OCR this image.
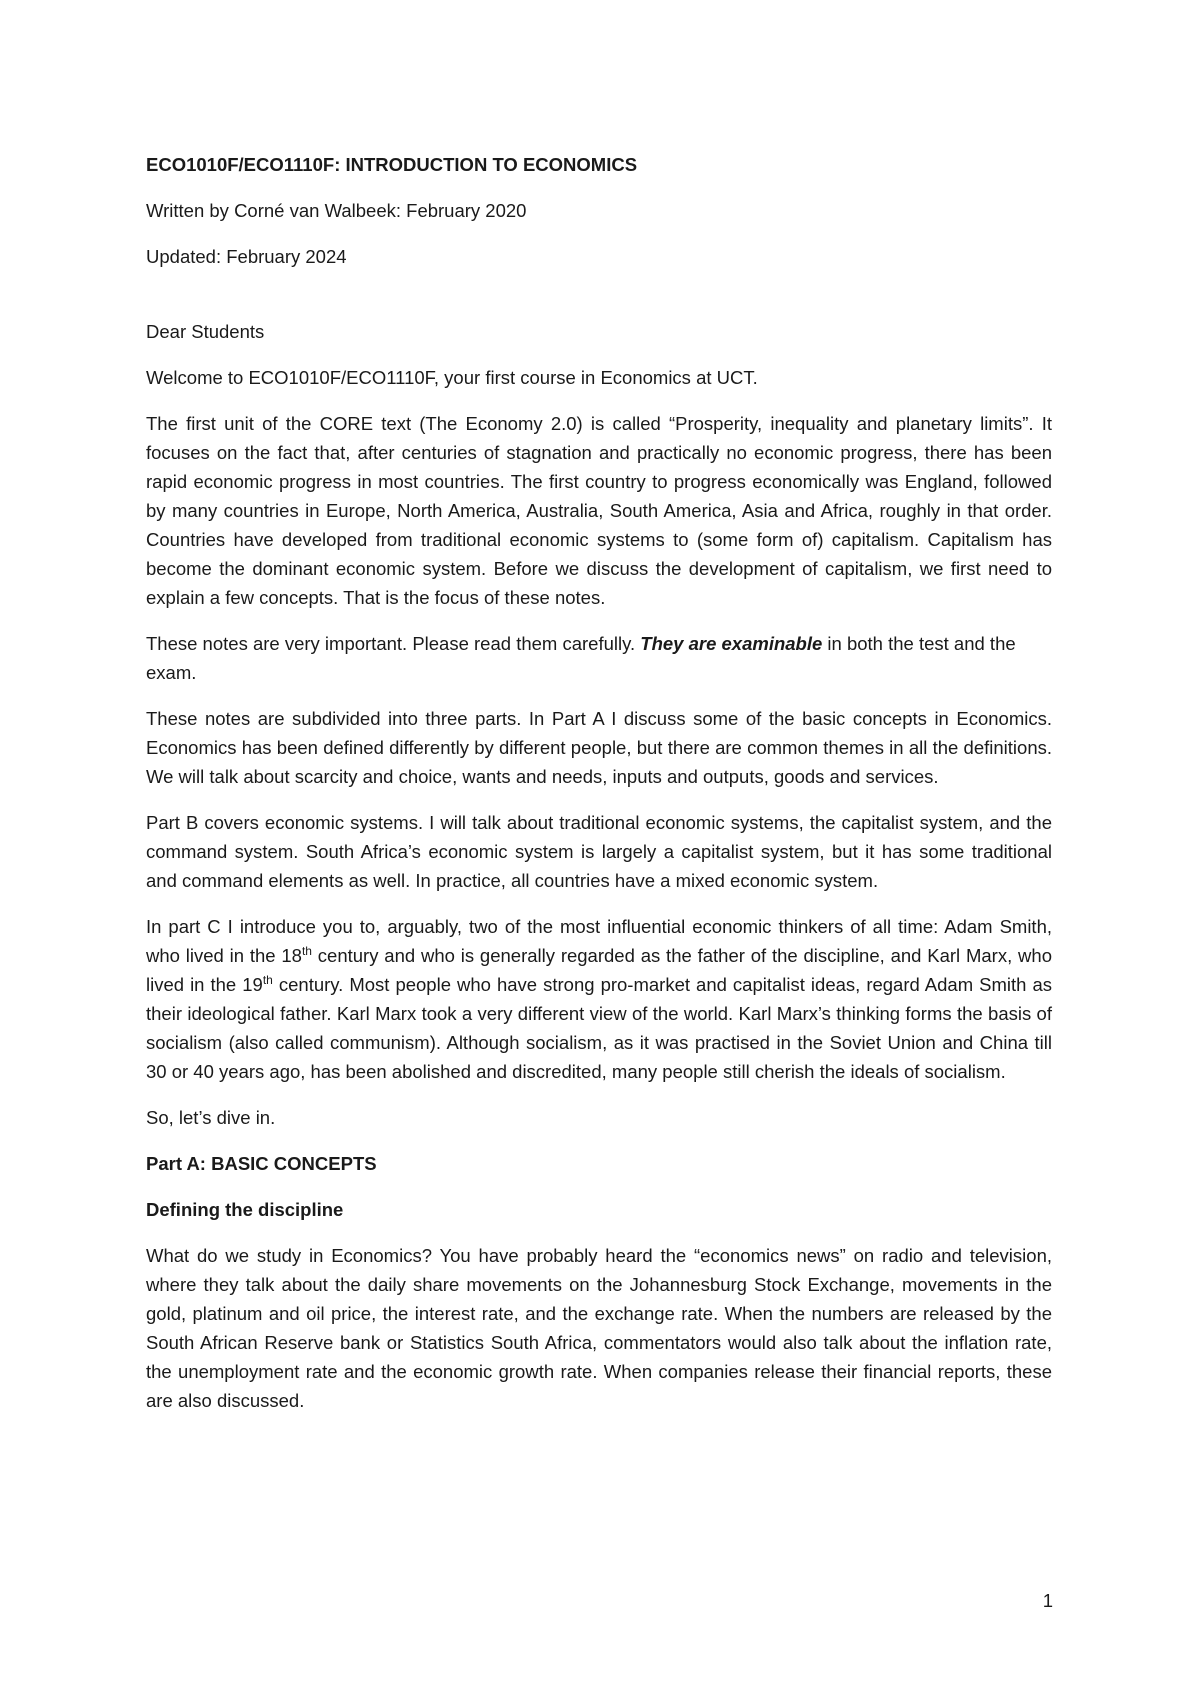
ECO1010F/ECO1110F: INTRODUCTION TO ECONOMICS

Written by Corné van Walbeek: February 2020

Updated: February 2024

Dear Students

Welcome to ECO1010F/ECO1110F, your first course in Economics at UCT.

The first unit of the CORE text (The Economy 2.0) is called “Prosperity, inequality and planetary limits”. It focuses on the fact that, after centuries of stagnation and practically no economic progress, there has been rapid economic progress in most countries. The first country to progress economically was England, followed by many countries in Europe, North America, Australia, South America, Asia and Africa, roughly in that order. Countries have developed from traditional economic systems to (some form of) capitalism. Capitalism has become the dominant economic system. Before we discuss the development of capitalism, we first need to explain a few concepts. That is the focus of these notes.

These notes are very important. Please read them carefully. They are examinable in both the test and the exam.

These notes are subdivided into three parts. In Part A I discuss some of the basic concepts in Economics. Economics has been defined differently by different people, but there are common themes in all the definitions. We will talk about scarcity and choice, wants and needs, inputs and outputs, goods and services.

Part B covers economic systems. I will talk about traditional economic systems, the capitalist system, and the command system. South Africa’s economic system is largely a capitalist system, but it has some traditional and command elements as well. In practice, all countries have a mixed economic system.

In part C I introduce you to, arguably, two of the most influential economic thinkers of all time: Adam Smith, who lived in the 18th century and who is generally regarded as the father of the discipline, and Karl Marx, who lived in the 19th century. Most people who have strong pro-market and capitalist ideas, regard Adam Smith as their ideological father. Karl Marx took a very different view of the world. Karl Marx’s thinking forms the basis of socialism (also called communism). Although socialism, as it was practised in the Soviet Union and China till 30 or 40 years ago, has been abolished and discredited, many people still cherish the ideals of socialism.

So, let’s dive in.

Part A: BASIC CONCEPTS

Defining the discipline

What do we study in Economics? You have probably heard the “economics news” on radio and television, where they talk about the daily share movements on the Johannesburg Stock Exchange, movements in the gold, platinum and oil price, the interest rate, and the exchange rate. When the numbers are released by the South African Reserve bank or Statistics South Africa, commentators would also talk about the inflation rate, the unemployment rate and the economic growth rate. When companies release their financial reports, these are also discussed.

1
